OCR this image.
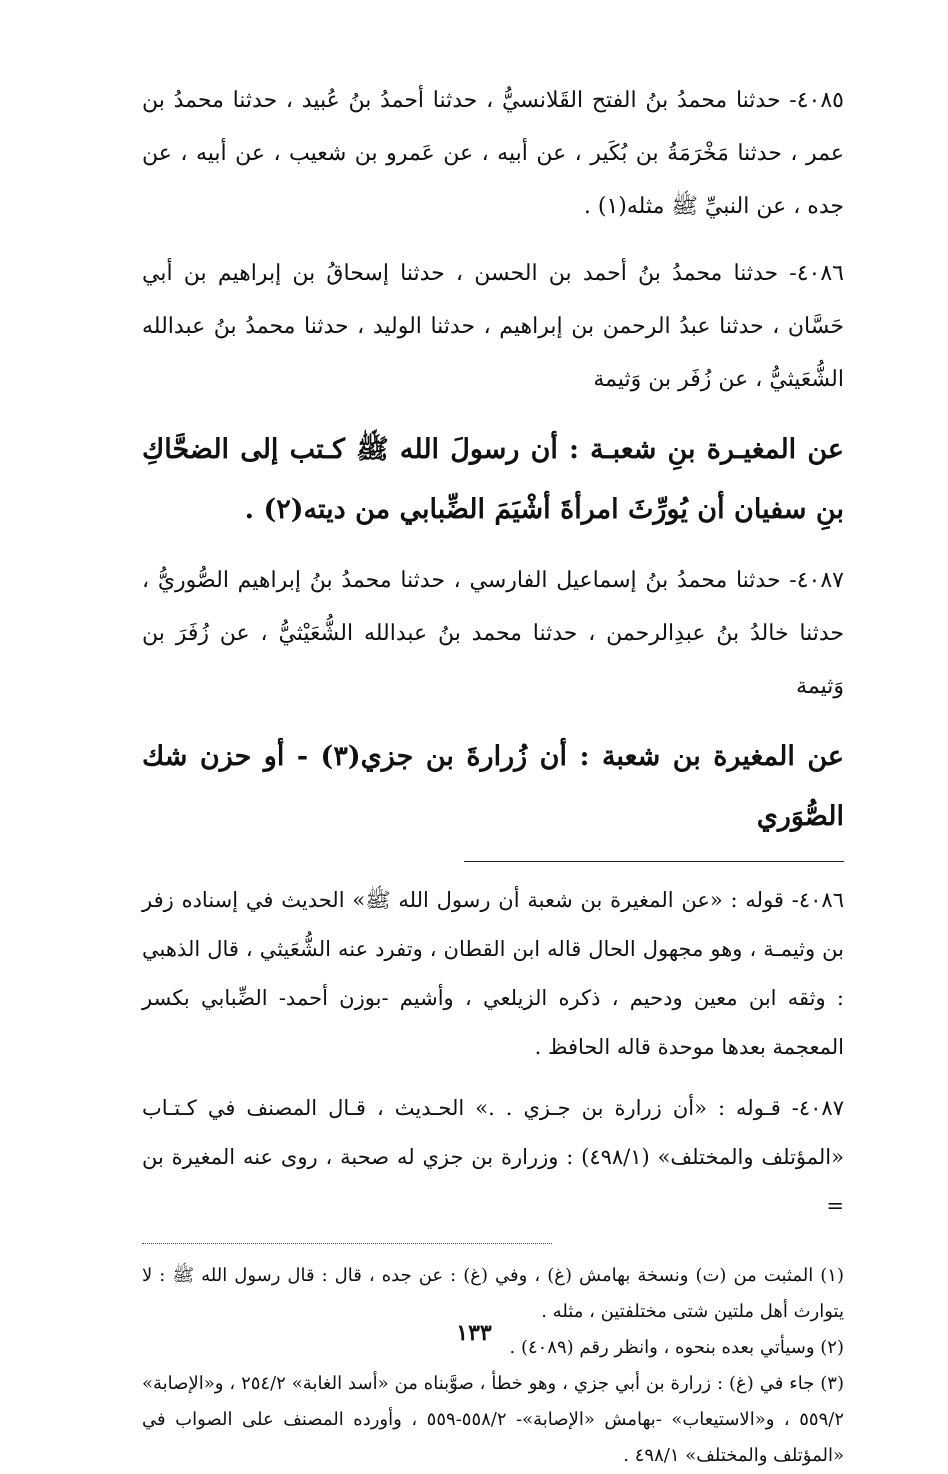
٤٠٨٥- حدثنا محمدُ بنُ الفتح القَلانسيُّ ، حدثنا أحمدُ بنُ عُبيد ، حدثنا محمدُ بن عمر ، حدثنا مَخْرَمَةُ بن بُكَير ، عن أبيه ، عن عَمرو بن شعيب ، عن أبيه ، عن جده ، عن النبيِّ ﷺ مثله(١) .

٤٠٨٦- حدثنا محمدُ بنُ أحمد بن الحسن ، حدثنا إسحاقُ بن إبراهيم بن أبي حَسَّان ، حدثنا عبدُ الرحمن بن إبراهيم ، حدثنا الوليد ، حدثنا محمدُ بنُ عبدالله الشُّعَيثيُّ ، عن زُفَر بن وَثيمة

عن المغيـرة بنِ شعبـة : أن رسولَ الله ﷺ كـتب إلى الضحَّاكِ بنِ سفيان أن يُورِّثَ امرأةَ أشْيَمَ الضِّبابي من ديته(٢) .

٤٠٨٧- حدثنا محمدُ بنُ إسماعيل الفارسي ، حدثنا محمدُ بنُ إبراهيم الصُّوريُّ ، حدثنا خالدُ بنُ عبدِالرحمن ، حدثنا محمد بنُ عبدالله الشُّعَيْثيُّ ، عن زُفَرَ بن وَثيمة

عن المغيرة بن شعبة : أن زُرارةَ بن جزي(٣) - أو حزن شك الصُّوَري

٤٠٨٦- قوله : «عن المغيرة بن شعبة أن رسول الله ﷺ» الحديث في إسناده زفر بن وثيمـة ، وهو مجهول الحال قاله ابن القطان ، وتفرد عنه الشُّعَيثي ، قال الذهبي : وثقه ابن معين ودحيم ، ذكره الزيلعي ، وأشيم -بوزن أحمد- الضِّبابي بكسر المعجمة بعدها موحدة قاله الحافظ .

٤٠٨٧- قـوله : «أن زرارة بن جـزي . .» الحـديث ، قـال المصنف في كـتـاب «المؤتلف والمختلف» (٤٩٨/١) : وزرارة بن جزي له صحبة ، روى عنه المغيرة بن =

(١) المثبت من (ت) ونسخة بهامش (غ) ، وفي (غ) : عن جده ، قال : قال رسول الله ﷺ : لا يتوارث أهل ملتين شتى مختلفتين ، مثله .

(٢) وسيأتي بعده بنحوه ، وانظر رقم (٤٠٨٩) .

(٣) جاء في (غ) : زرارة بن أبي جزي ، وهو خطأ ، صوَّبناه من «أسد الغابة» ٢٥٤/٢ ، و«الإصابة» ٥٥٩/٢ ، و«الاستيعاب» -بهامش «الإصابة»- ٥٥٨/٢-٥٥٩ ، وأورده المصنف على الصواب في «المؤتلف والمختلف» ٤٩٨/١ .

١٣٣
